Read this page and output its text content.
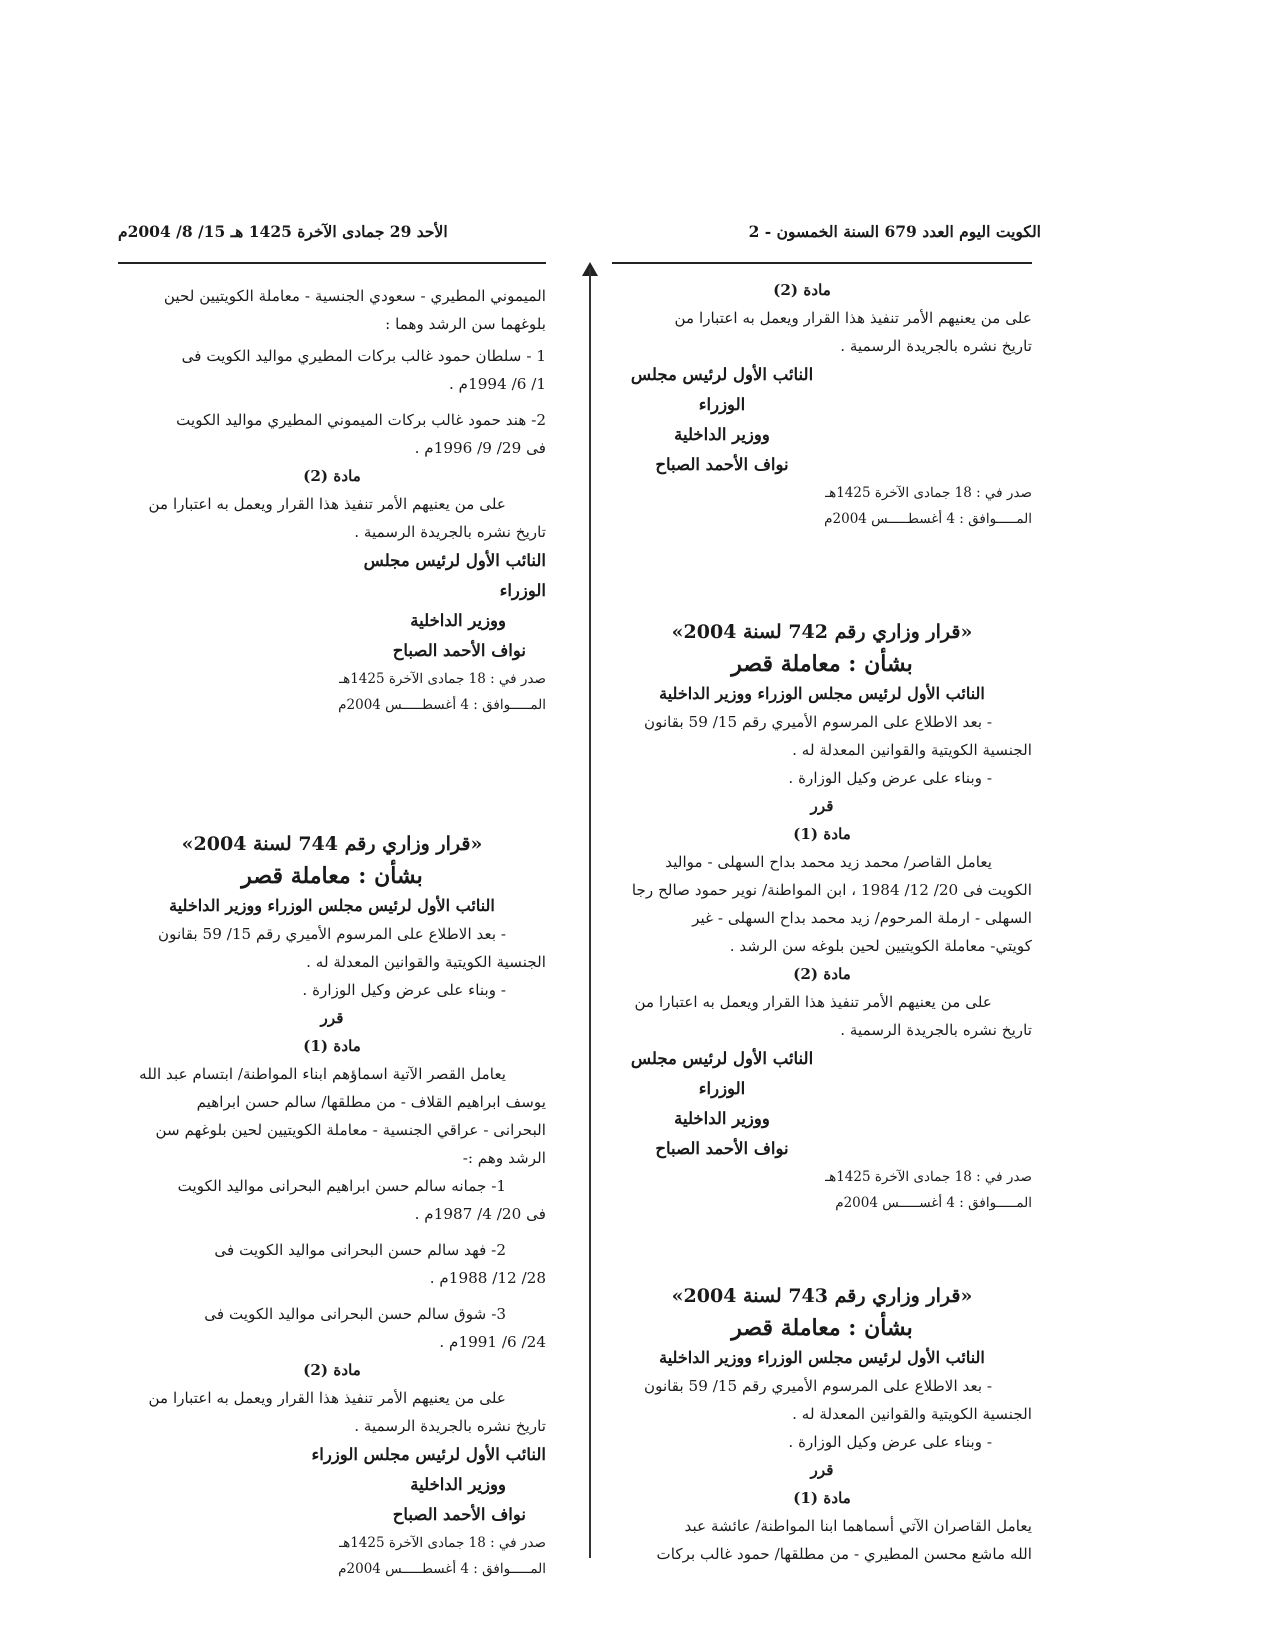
الكويت اليوم العدد 679 السنة الخمسون - 2
الأحد 29 جمادى الآخرة 1425 هـ 15/ 8/ 2004م

مادة (2)

على من يعنيهم الأمر تنفيذ هذا القرار ويعمل به اعتبارا من

تاريخ نشره بالجريدة الرسمية .

النائب الأول لرئيس مجلس الوزراء

ووزير الداخلية

نواف الأحمد الصباح

صدر في : 18 جمادى الآخرة 1425هـ

المـــــوافق : 4 أغسطـــــس 2004م

«قرار وزاري رقم 742 لسنة 2004»

بشأن : معاملة قصر

النائب الأول لرئيس مجلس الوزراء ووزير الداخلية

- بعد الاطلاع على المرسوم الأميري رقم 15/ 59 بقانون

الجنسية الكويتية والقوانين المعدلة له .

- وبناء على عرض وكيل الوزارة .

قرر

مادة (1)

يعامل القاصر/ محمد زيد محمد بداح السهلى - مواليد

الكويت فى 20/ 12/ 1984 ، ابن المواطنة/ نوير حمود صالح رجا

السهلى - ارملة المرحوم/ زيد محمد بداح السهلى - غير

كويتي- معاملة الكويتيين لحين بلوغه سن الرشد .

مادة (2)

على من يعنيهم الأمر تنفيذ هذا القرار ويعمل به اعتبارا من

تاريخ نشره بالجريدة الرسمية .

النائب الأول لرئيس مجلس الوزراء

ووزير الداخلية

نواف الأحمد الصباح

صدر في : 18 جمادى الآخرة 1425هـ

المـــــوافق : 4 أغســـــس 2004م

«قرار وزاري رقم 743 لسنة 2004»

بشأن : معاملة قصر

النائب الأول لرئيس مجلس الوزراء ووزير الداخلية

- بعد الاطلاع على المرسوم الأميري رقم 15/ 59 بقانون

الجنسية الكويتية والقوانين المعدلة له .

- وبناء على عرض وكيل الوزارة .

قرر

مادة (1)

يعامل القاصران الآتي أسماهما ابنا المواطنة/ عائشة عبد

الله ماشع محسن المطيري - من مطلقها/ حمود غالب بركات

الميموني المطيري - سعودي الجنسية - معاملة الكويتيين لحين

بلوغهما سن الرشد وهما :

1 - سلطان حمود غالب بركات المطيري مواليد الكويت فى

1/ 6/ 1994م .

2- هند حمود غالب بركات الميموني المطيري مواليد الكويت

فى 29/ 9/ 1996م .

مادة (2)

على من يعنيهم الأمر تنفيذ هذا القرار ويعمل به اعتبارا من

تاريخ نشره بالجريدة الرسمية .

النائب الأول لرئيس مجلس الوزراء

ووزير الداخلية

نواف الأحمد الصباح

صدر في : 18 جمادى الآخرة 1425هـ

المـــــوافق : 4 أغسطـــــس 2004م

«قرار وزاري رقم 744 لسنة 2004»

بشأن : معاملة قصر

النائب الأول لرئيس مجلس الوزراء ووزير الداخلية

- بعد الاطلاع على المرسوم الأميري رقم 15/ 59 بقانون

الجنسية الكويتية والقوانين المعدلة له .

- وبناء على عرض وكيل الوزارة .

قرر

مادة (1)

يعامل القصر الآتية اسماؤهم ابناء المواطنة/ ابتسام عبد الله

يوسف ابراهيم القلاف - من مطلقها/ سالم حسن ابراهيم

البحرانى - عراقي الجنسية - معاملة الكويتيين لحين بلوغهم سن

الرشد وهم :-

1- جمانه سالم حسن ابراهيم البحرانى مواليد الكويت

فى 20/ 4/ 1987م .

2- فهد سالم حسن البحرانى مواليد الكويت فى

28/ 12/ 1988م .

3- شوق سالم حسن البحرانى مواليد الكويت فى

24/ 6/ 1991م .

مادة (2)

على من يعنيهم الأمر تنفيذ هذا القرار ويعمل به اعتبارا من

تاريخ نشره بالجريدة الرسمية .

النائب الأول لرئيس مجلس الوزراء

ووزير الداخلية

نواف الأحمد الصباح

صدر في : 18 جمادى الآخرة 1425هـ

المـــــوافق : 4 أغسطـــــس 2004م
